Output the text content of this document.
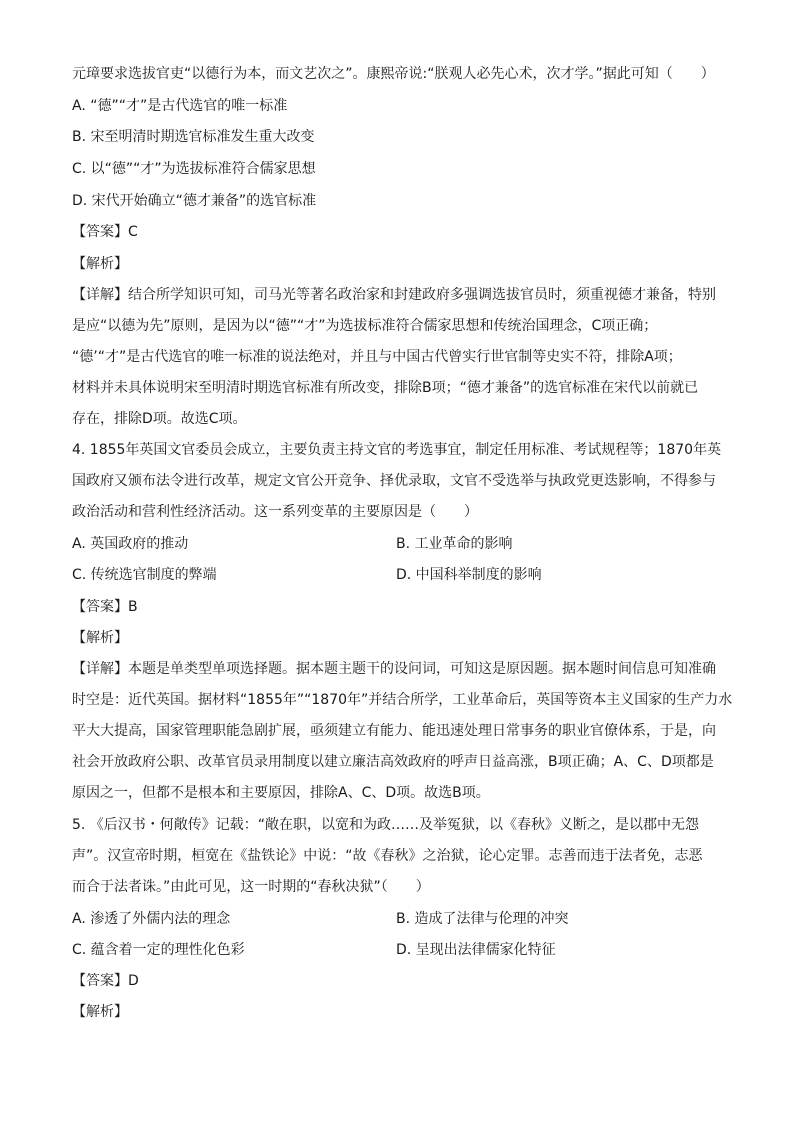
元璋要求选拔官吏“以德行为本，而文艺次之”。康熙帝说:“朕观人必先心术，次才学。”据此可知（　　）
A. “德”“才”是古代选官的唯一标准
B. 宋至明清时期选官标准发生重大改变
C. 以“德”“才”为选拔标准符合儒家思想
D. 宋代开始确立“德才兼备”的选官标准
【答案】C
【解析】
【详解】结合所学知识可知，司马光等著名政治家和封建政府多强调选拔官员时，须重视德才兼备，特别
是应“以德为先”原则，是因为以“德”“才”为选拔标准符合儒家思想和传统治国理念，C项正确；
“德’“才”是古代选官的唯一标准的说法绝对，并且与中国古代曾实行世官制等史实不符，排除A项；
材料并未具体说明宋至明清时期选官标准有所改变，排除B项；“德才兼备”的选官标准在宋代以前就已
存在，排除D项。故选C项。
4. 1855年英国文官委员会成立，主要负责主持文官的考选事宜，制定任用标准、考试规程等；1870年英
国政府又颁布法令进行改革，规定文官公开竞争、择优录取，文官不受选举与执政党更迭影响，不得参与
政治活动和营利性经济活动。这一系列变革的主要原因是（　　）
A. 英国政府的推动	B. 工业革命的影响
C. 传统选官制度的弊端	D. 中国科举制度的影响
【答案】B
【解析】
【详解】本题是单类型单项选择题。据本题主题干的设问词，可知这是原因题。据本题时间信息可知准确
时空是：近代英国。据材料“1855年”“1870年”并结合所学，工业革命后，英国等资本主义国家的生产力水
平大大提高，国家管理职能急剧扩展，亟须建立有能力、能迅速处理日常事务的职业官僚体系，于是，向
社会开放政府公职、改革官员录用制度以建立廉洁高效政府的呼声日益高涨，B项正确；A、C、D项都是
原因之一，但都不是根本和主要原因，排除A、C、D项。故选B项。
5. 《后汉书・何敞传》记载：“敞在职，以宽和为政……及举冤狱，以《春秋》义断之，是以郡中无怨
声”。汉宣帝时期，桓宽在《盐铁论》中说：“故《春秋》之治狱，论心定罪。志善而违于法者免，志恶
而合于法者诛。”由此可见，这一时期的“春秋决狱”（　　）
A. 渗透了外儒内法的理念	B. 造成了法律与伦理的冲突
C. 蕴含着一定的理性化色彩	D. 呈现出法律儒家化特征
【答案】D
【解析】
